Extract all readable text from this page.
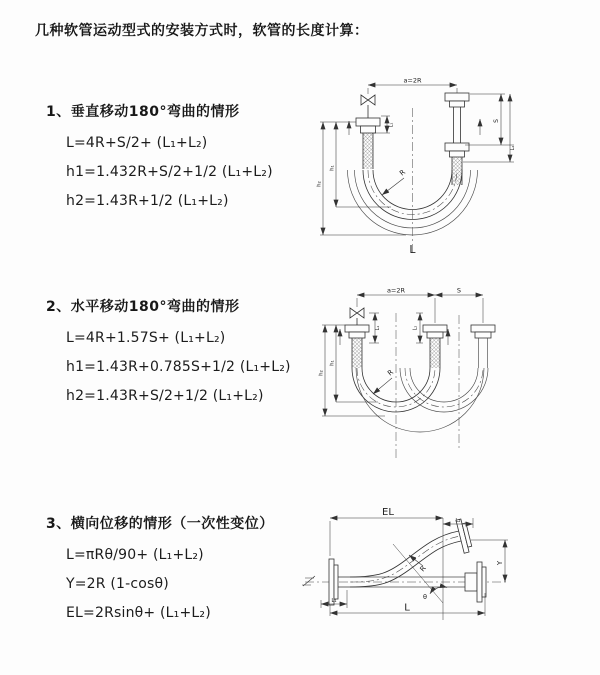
几种软管运动型式的安装方式时，软管的长度计算：
1、垂直移动180°弯曲的情形
L=4R+S/2+ (L₁+L₂)
h1=1.432R+S/2+1/2 (L₁+L₂)
h2=1.43R+1/2 (L₁+L₂)
2、水平移动180°弯曲的情形
L=4R+1.57S+ (L₁+L₂)
h1=1.43R+0.785S+1/2 (L₁+L₂)
h2=1.43R+S/2+1/2 (L₁+L₂)
3、横向位移的情形（一次性变位）
L=πRθ/90+ (L₁+L₂)
Y=2R (1-cosθ)
EL=2Rsinθ+ (L₁+L₂)
a=2R
h₂
h₁
L₁
S
L₂
R
L
a=2R	S
h₂
h₁
L₁	L₂
R
θ
R
EL
L₂
Y
L
L₁
